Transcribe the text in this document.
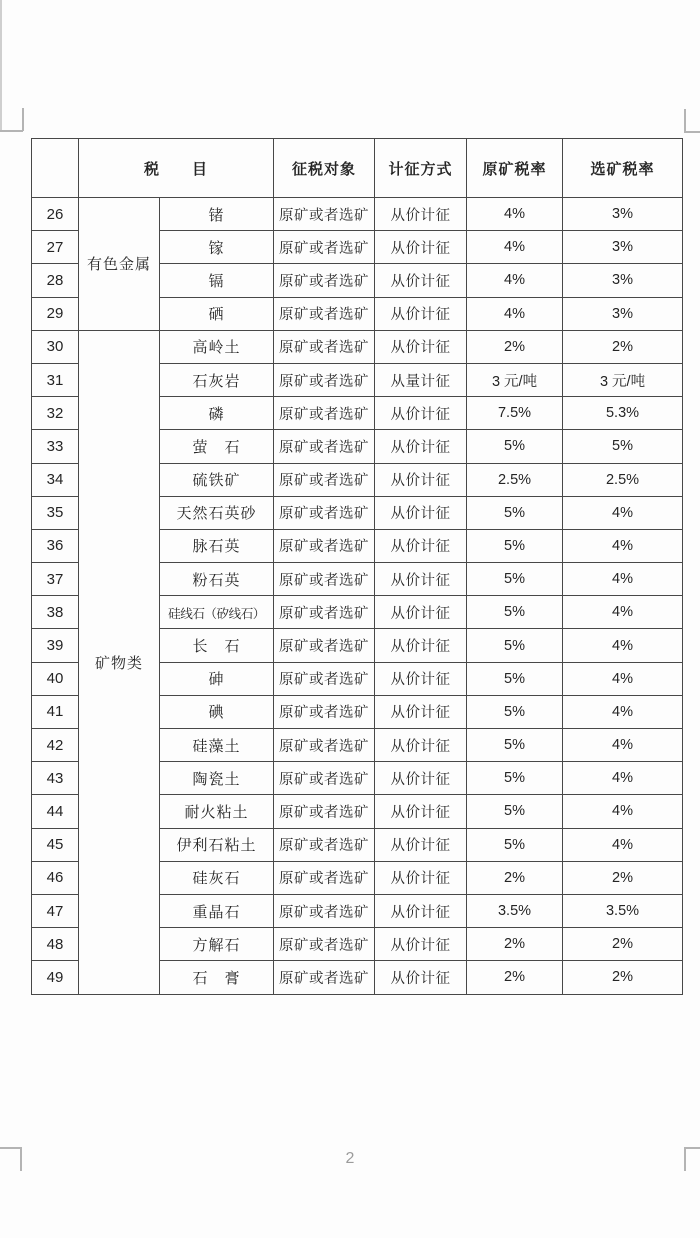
	税　　目		征税对象	计征方式	原矿税率	选矿税率
26	有色金属	锗	原矿或者选矿	从价计征	4%	3%
27		镓	原矿或者选矿	从价计征	4%	3%
28		镉	原矿或者选矿	从价计征	4%	3%
29		硒	原矿或者选矿	从价计征	4%	3%
30	矿物类	高岭土	原矿或者选矿	从价计征	2%	2%
31		石灰岩	原矿或者选矿	从量计征	3 元/吨	3 元/吨
32		磷	原矿或者选矿	从价计征	7.5%	5.3%
33		萤　石	原矿或者选矿	从价计征	5%	5%
34		硫铁矿	原矿或者选矿	从价计征	2.5%	2.5%
35		天然石英砂	原矿或者选矿	从价计征	5%	4%
36		脉石英	原矿或者选矿	从价计征	5%	4%
37		粉石英	原矿或者选矿	从价计征	5%	4%
38		硅线石（矽线石）	原矿或者选矿	从价计征	5%	4%
39		长　石	原矿或者选矿	从价计征	5%	4%
40		砷	原矿或者选矿	从价计征	5%	4%
41		碘	原矿或者选矿	从价计征	5%	4%
42		硅藻土	原矿或者选矿	从价计征	5%	4%
43		陶瓷土	原矿或者选矿	从价计征	5%	4%
44		耐火粘土	原矿或者选矿	从价计征	5%	4%
45		伊利石粘土	原矿或者选矿	从价计征	5%	4%
46		硅灰石	原矿或者选矿	从价计征	2%	2%
47		重晶石	原矿或者选矿	从价计征	3.5%	3.5%
48		方解石	原矿或者选矿	从价计征	2%	2%
49		石　膏	原矿或者选矿	从价计征	2%	2%
2
